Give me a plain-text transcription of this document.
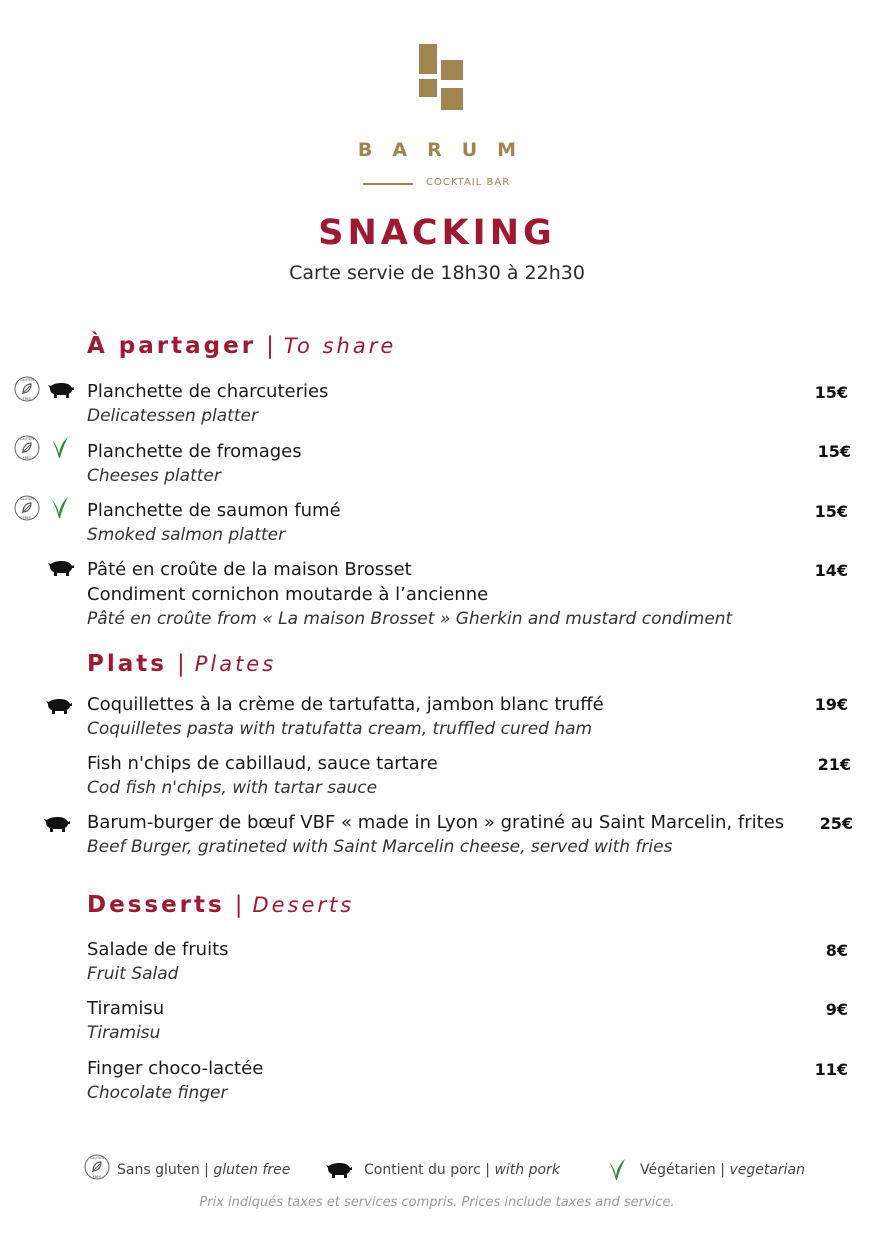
BARUM
COCKTAIL BAR
SNACKING
Carte servie de 18h30 à 22h30
À partager | To share
Planchette de charcuteries
Delicatessen platter
15€
Planchette de fromages
Cheeses platter
15€
Planchette de saumon fumé
Smoked salmon platter
15€
Pâté en croûte de la maison Brosset
Condiment cornichon moutarde à l’ancienne
Pâté en croûte from « La maison Brosset » Gherkin and mustard condiment
14€
Plats | Plates
Coquillettes à la crème de tartufatta, jambon blanc truffé
Coquilletes pasta with tratufatta cream, truffled cured ham
19€
Fish n'chips de cabillaud, sauce tartare
Cod fish n'chips, with tartar sauce
21€
Barum-burger de bœuf VBF « made in Lyon » gratiné au Saint Marcelin, frites
Beef Burger, gratineted with Saint Marcelin cheese, served with fries
25€
Desserts | Deserts
Salade de fruits
Fruit Salad
8€
Tiramisu
Tiramisu
9€
Finger choco-lactée
Chocolate finger
11€
Sans gluten | gluten free	Contient du porc | with pork	Végétarien | vegetarian
Prix indiqués taxes et services compris. Prices include taxes and service.
